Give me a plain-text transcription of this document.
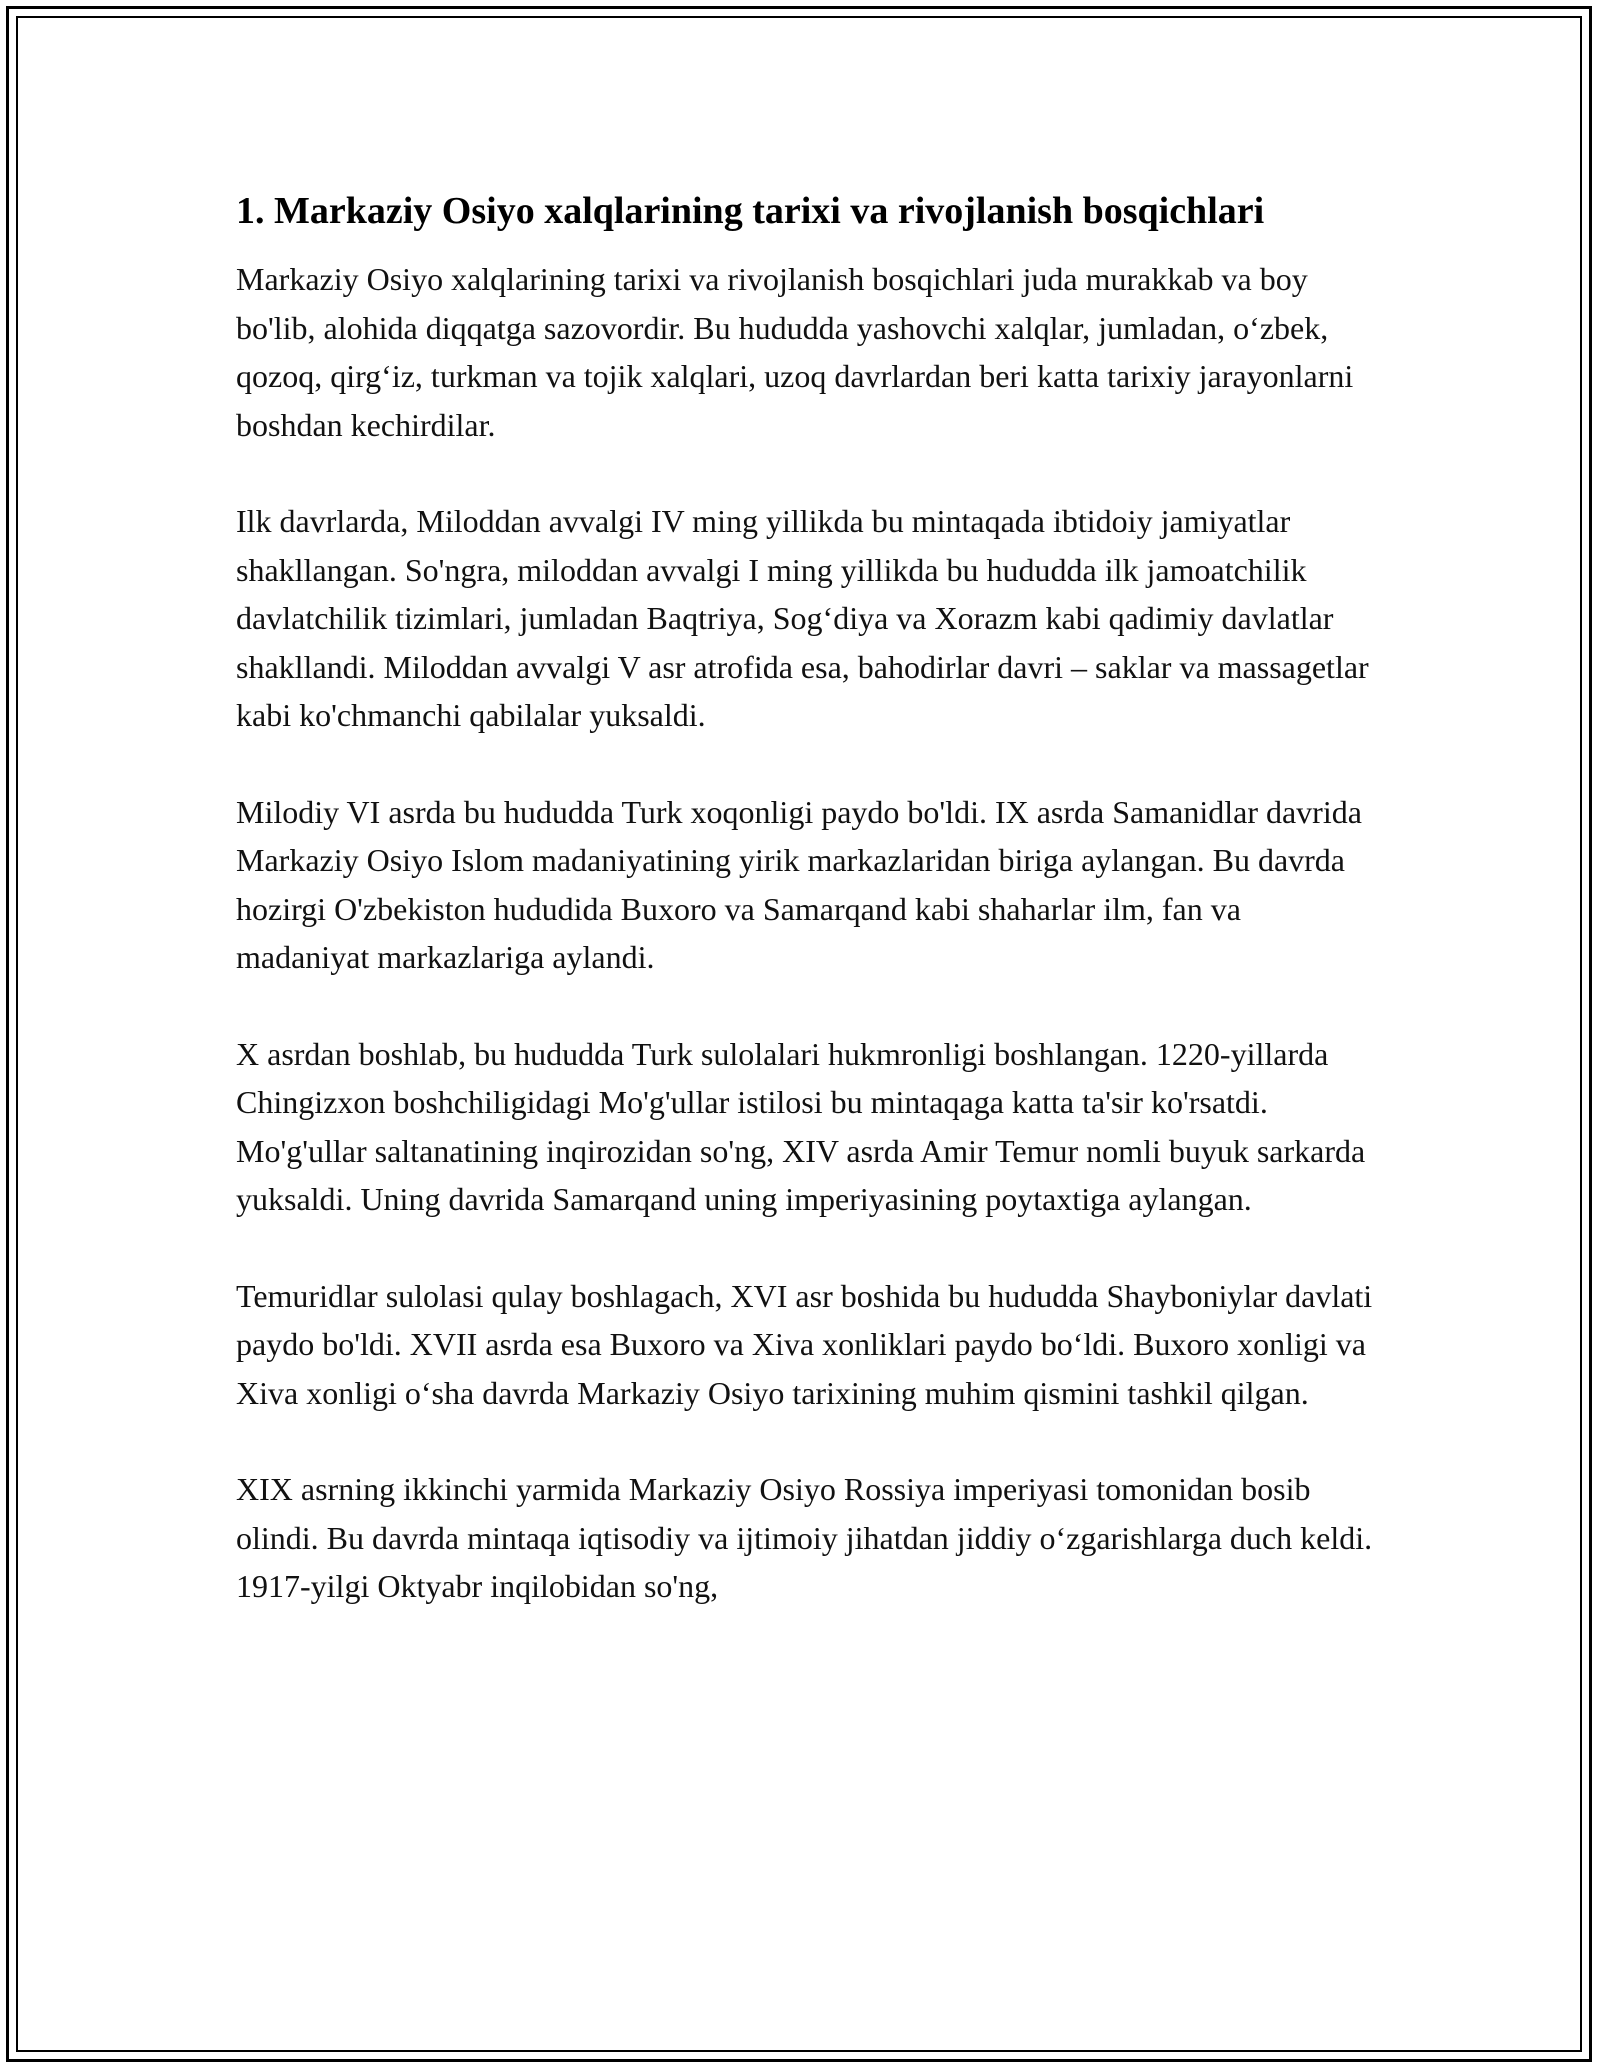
1. Markaziy Osiyo xalqlarining tarixi va rivojlanish bosqichlari

Markaziy Osiyo xalqlarining tarixi va rivojlanish bosqichlari juda murakkab va boy bo'lib, alohida diqqatga sazovordir. Bu hududda yashovchi xalqlar, jumladan, o‘zbek, qozoq, qirg‘iz, turkman va tojik xalqlari, uzoq davrlardan beri katta tarixiy jarayonlarni boshdan kechirdilar.

Ilk davrlarda, Miloddan avvalgi IV ming yillikda bu mintaqada ibtidoiy jamiyatlar shakllangan. So'ngra, miloddan avvalgi I ming yillikda bu hududda ilk jamoatchilik davlatchilik tizimlari, jumladan Baqtriya, Sog‘diya va Xorazm kabi qadimiy davlatlar shakllandi. Miloddan avvalgi V asr atrofida esa, bahodirlar davri – saklar va massagetlar kabi ko'chmanchi qabilalar yuksaldi.

Milodiy VI asrda bu hududda Turk xoqonligi paydo bo'ldi. IX asrda Samanidlar davrida Markaziy Osiyo Islom madaniyatining yirik markazlaridan biriga aylangan. Bu davrda hozirgi O'zbekiston hududida Buxoro va Samarqand kabi shaharlar ilm, fan va madaniyat markazlariga aylandi.

X asrdan boshlab, bu hududda Turk sulolalari hukmronligi boshlangan. 1220-yillarda Chingizxon boshchiligidagi Mo'g'ullar istilosi bu mintaqaga katta ta'sir ko'rsatdi. Mo'g'ullar saltanatining inqirozidan so'ng, XIV asrda Amir Temur nomli buyuk sarkarda yuksaldi. Uning davrida Samarqand uning imperiyasining poytaxtiga aylangan.

Temuridlar sulolasi qulay boshlagach, XVI asr boshida bu hududda Shayboniylar davlati paydo bo'ldi. XVII asrda esa Buxoro va Xiva xonliklari paydo bo‘ldi. Buxoro xonligi va Xiva xonligi o‘sha davrda Markaziy Osiyo tarixining muhim qismini tashkil qilgan.

XIX asrning ikkinchi yarmida Markaziy Osiyo Rossiya imperiyasi tomonidan bosib olindi. Bu davrda mintaqa iqtisodiy va ijtimoiy jihatdan jiddiy o‘zgarishlarga duch keldi. 1917-yilgi Oktyabr inqilobidan so'ng,
